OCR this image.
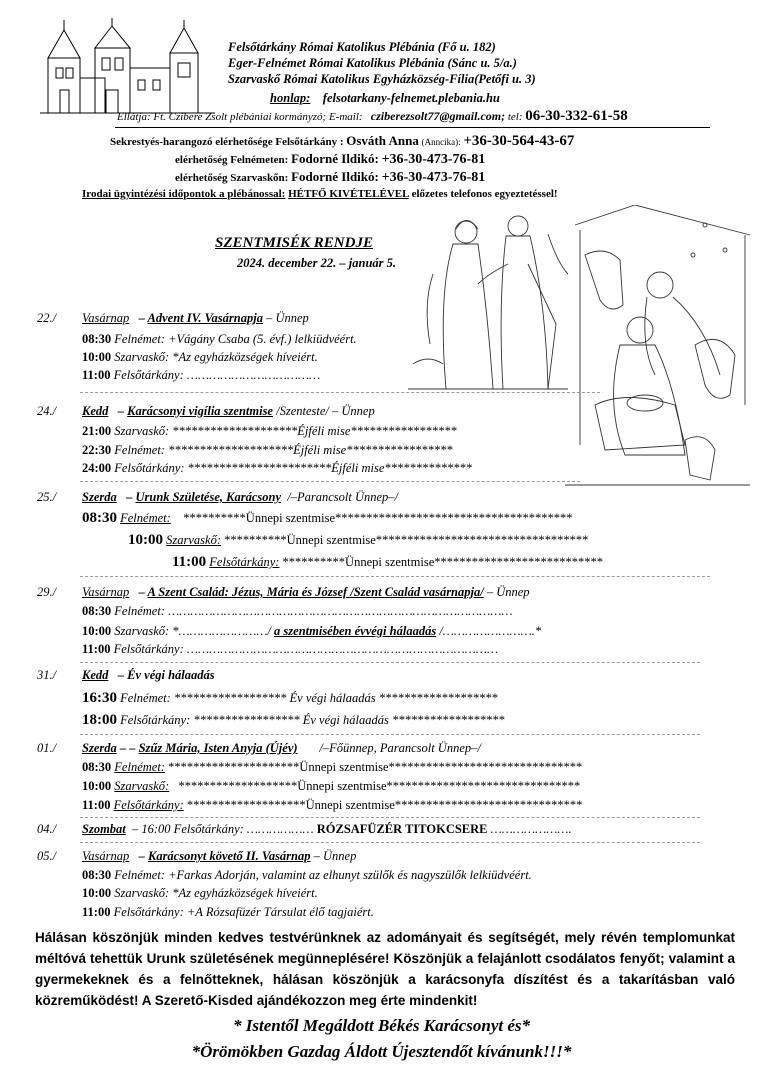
Felsőtárkány Római Katolikus Plébánia (Fő u. 182)
Eger-Felnémet Római Katolikus Plébánia (Sánc u. 5/a.)
Szarvaskő Római Katolikus Egyházközség-Fília(Petőfi u. 3)
honlap: felsotarkany-felnemet.plebania.hu
Ellátja: Ft. Czibere Zsolt plébániai kormányzó; E-mail: cziberezsolt77@gmail.com; tel: 06-30-332-61-58
Sekrestyés-harangozó elérhetősége Felsőtárkány : Osváth Anna (Anncika): +36-30-564-43-67
elérhetőség Felnémeten: Fodorné Ildikó: +36-30-473-76-81
elérhetőség Szarvaskőn: Fodorné Ildikó: +36-30-473-76-81
Irodai ügyintézési időpontok a plébánossal: HÉTFŐ KIVÉTELÉVEL előzetes telefonos egyeztetéssel!
SZENTMISÉK RENDJE
2024. december 22. – január 5.
22./ Vasárnap – Advent IV. Vasárnapja – Ünnep
08:30 Felnémet: +Vágány Csaba (5. évf.) lelkiüdvéért.
10:00 Szarvaskő: *Az egyházközségek híveiért.
11:00 Felsőtárkány: ………………………………
24./ Kedd – Karácsonyi vigília szentmise /Szenteste/ – Ünnep
21:00 Szarvaskő: ********************Éjféli mise*****************
22:30 Felnémet: ********************Éjféli mise*****************
24:00 Felsőtárkány: ***********************Éjféli mise**************
25./ Szerda – Urunk Születése, Karácsony /–Parancsolt Ünnep–/
08:30 Felnémet: **********Ünnepi szentmise**************************************
10:00 Szarvaskő: **********Ünnepi szentmise**********************************
11:00 Felsőtárkány: **********Ünnepi szentmise***************************
29./ Vasárnap – A Szent Család: Jézus, Mária és József /Szent Család vasárnapja/ – Ünnep
08:30 Felnémet: …………………………………………………………………………………
10:00 Szarvaskő: *……………………/ a szentmisében évvégi hálaadás /…………………….*
11:00 Felsőtárkány: …………………………………………………………………………
31./ Kedd – Év végi hálaadás
16:30 Felnémet: ****************** Év végi hálaadás *******************
18:00 Felsőtárkány: ***************** Év végi hálaadás ******************
01./ Szerda – – Szűz Mária, Isten Anyja (Újév) /–Főünnep, Parancsolt Ünnep–/
08:30 Felnémet: *********************Ünnepi szentmise*******************************
10:00 Szarvaskő: *******************Ünnepi szentmise*******************************
11:00 Felsőtárkány: *******************Ünnepi szentmise******************************
04./ Szombat – 16:00 Felsőtárkány: ……………… RÓZSAFÜZÉR TITOKCSERE ………………….
05./ Vasárnap – Karácsonyt követő II. Vasárnap – Ünnep
08:30 Felnémet: +Farkas Adorján, valamint az elhunyt szülők és nagyszülők lelkiüdvéért.
10:00 Szarvaskő: *Az egyházközségek híveiért.
11:00 Felsőtárkány: +A Rózsafüzér Társulat élő tagjaiért.
Hálásan köszönjük minden kedves testvérünknek az adományait és segítségét, mely révén templomunkat méltóvá tehettük Urunk születésének megünneplésére! Köszönjük a felajánlott csodálatos fenyőt; valamint a gyermekeknek és a felnőtteknek, hálásan köszönjük a karácsonyfa díszítést és a takarításban való közreműködést! A Szerető-Kisded ajándékozzon meg érte mindenkit!
* Istentől Megáldott Békés Karácsonyt és*
*Örömökben Gazdag Áldott Újesztendőt kívánunk!!!*
